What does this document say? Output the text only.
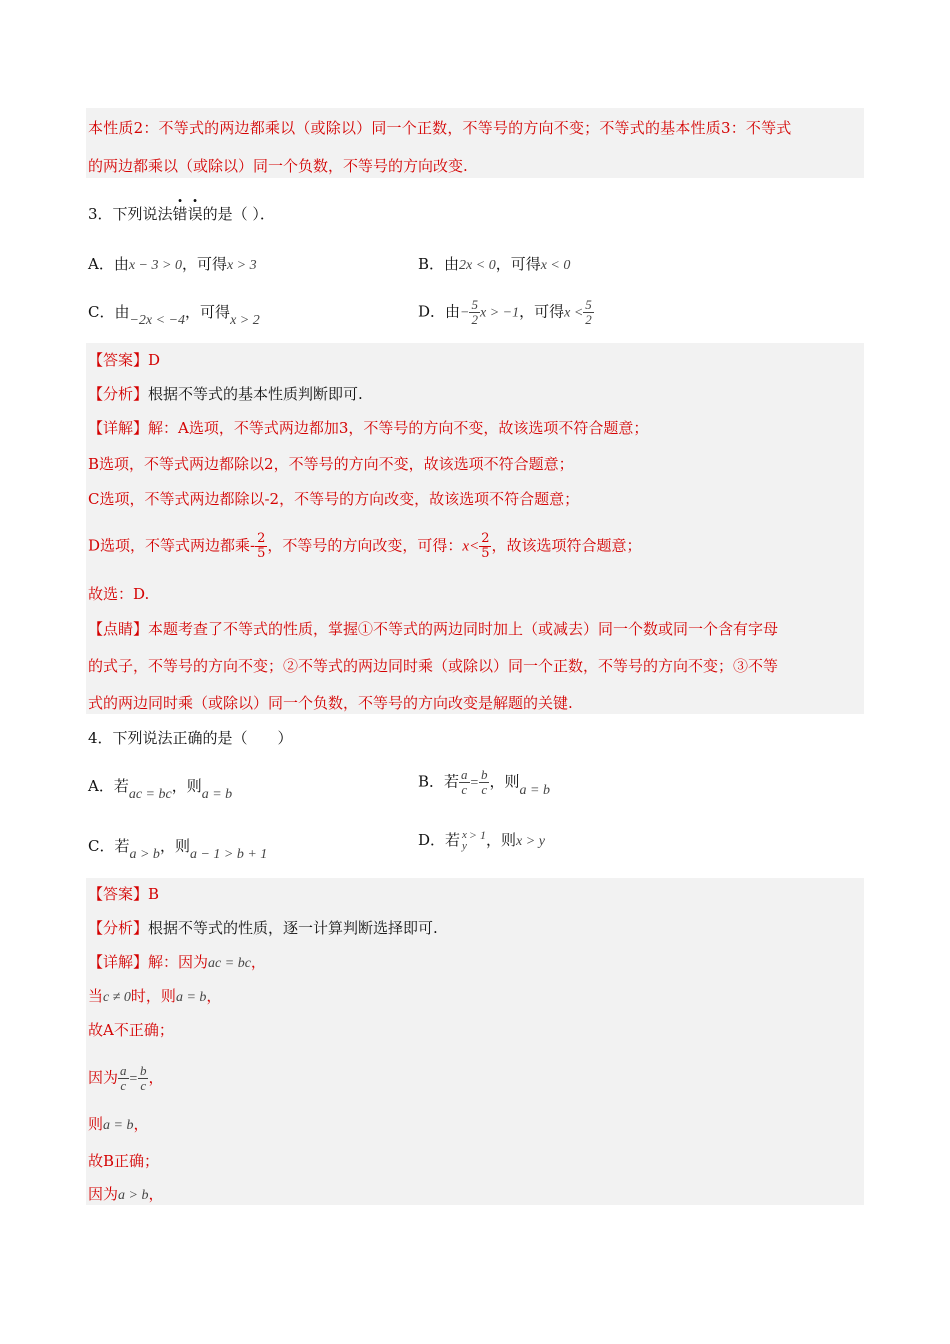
本性质2：不等式的两边都乘以（或除以）同一个正数，不等号的方向不变；不等式的基本性质3：不等式
的两边都乘以（或除以）同一个负数，不等号的方向改变.
3．下列说法错误的是（ ）．
A．由x − 3 > 0，可得x > 3	B．由2x < 0，可得x < 0
C．由−2x < −4，可得x > 2	D．由− $\frac{5}{2}$ x > −1，可得$x < \frac{5}{2}$
【答案】D
【分析】根据不等式的基本性质判断即可.
【详解】解：A选项，不等式两边都加3，不等号的方向不变，故该选项不符合题意；
B选项，不等式两边都除以2，不等号的方向不变，故该选项不符合题意；
C选项，不等式两边都除以-2，不等号的方向改变，故该选项不符合题意；
D选项，不等式两边都乘- $\frac{2}{5}$ ，不等号的方向改变，可得：$x< \frac{2}{5}$ ，故该选项符合题意；
故选：D.
【点睛】本题考查了不等式的性质，掌握①不等式的两边同时加上（或减去）同一个数或同一个含有字母
的式子，不等号的方向不变；②不等式的两边同时乘（或除以）同一个正数，不等号的方向不变；③不等
式的两边同时乘（或除以）同一个负数，不等号的方向改变是解题的关键.
4．下列说法正确的是（　　）
A．若ac = bc，则a = b
B．若 $\frac{a}{c} = \frac{b}{c}$ ，则a = b
C．若a > b，则a − 1 > b + 1
D．若 x
y
$^{> 1}$，则x > y
【答案】B
【分析】根据不等式的性质，逐一计算判断选择即可.
【详解】解：因为ac = bc，
当c ≠ 0时，则a = b，
故A不正确；
因为 $\frac{a}{c} = \frac{b}{c}$ ，
则a = b，
故B正确；
因为a > b，
